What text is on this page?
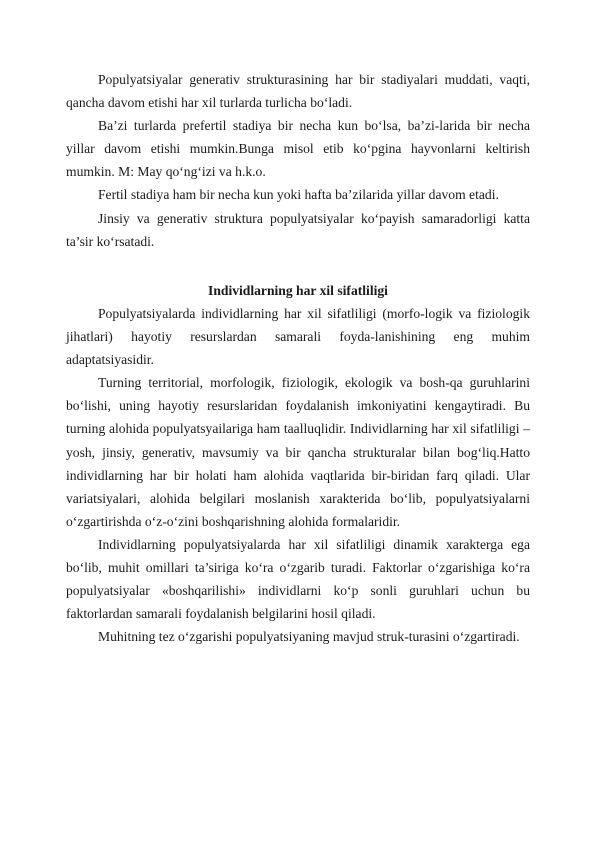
Populyatsiyalar generativ strukturasining har bir stadiyalari muddati, vaqti, qancha davom etishi har xil turlarda turlicha bo‘ladi.

Ba’zi turlarda prefertil stadiya bir necha kun bo‘lsa, ba’zi-larida bir necha yillar davom etishi mumkin.Bunga misol etib ko‘pgina hayvonlarni keltirish mumkin. M: May qo‘ng‘izi va h.k.o.

Fertil stadiya ham bir necha kun yoki hafta ba’zilarida yillar davom etadi.

Jinsiy va generativ struktura populyatsiyalar ko‘payish samaradorligi katta ta’sir ko‘rsatadi.

Individlarning har xil sifatliligi

Populyatsiyalarda individlarning har xil sifatliligi (morfo-logik va fiziologik jihatlari) hayotiy resurslardan samarali foyda-lanishining eng muhim adaptatsiyasidir.

Turning territorial, morfologik, fiziologik, ekologik va bosh-qa guruhlarini bo‘lishi, uning hayotiy resurslaridan foydalanish imkoniyatini kengaytiradi. Bu turning alohida populyatsyailariga ham taalluqlidir. Individlarning har xil sifatliligi – yosh, jinsiy, generativ, mavsumiy va bir qancha strukturalar bilan bog‘liq.Hatto individlarning har bir holati ham alohida vaqtlarida bir-biridan farq qiladi. Ular variatsiyalari, alohida belgilari moslanish xarakterida bo‘lib, populyatsiyalarni o‘zgartirishda o‘z-o‘zini boshqarishning alohida formalaridir.

Individlarning populyatsiyalarda har xil sifatliligi dinamik xarakterga ega bo‘lib, muhit omillari ta’siriga ko‘ra o‘zgarib turadi. Faktorlar o‘zgarishiga ko‘ra populyatsiyalar «boshqarilishi» individlarni ko‘p sonli guruhlari uchun bu faktorlardan samarali foydalanish belgilarini hosil qiladi.

Muhitning tez o‘zgarishi populyatsiyaning mavjud struk-turasini o‘zgartiradi.
